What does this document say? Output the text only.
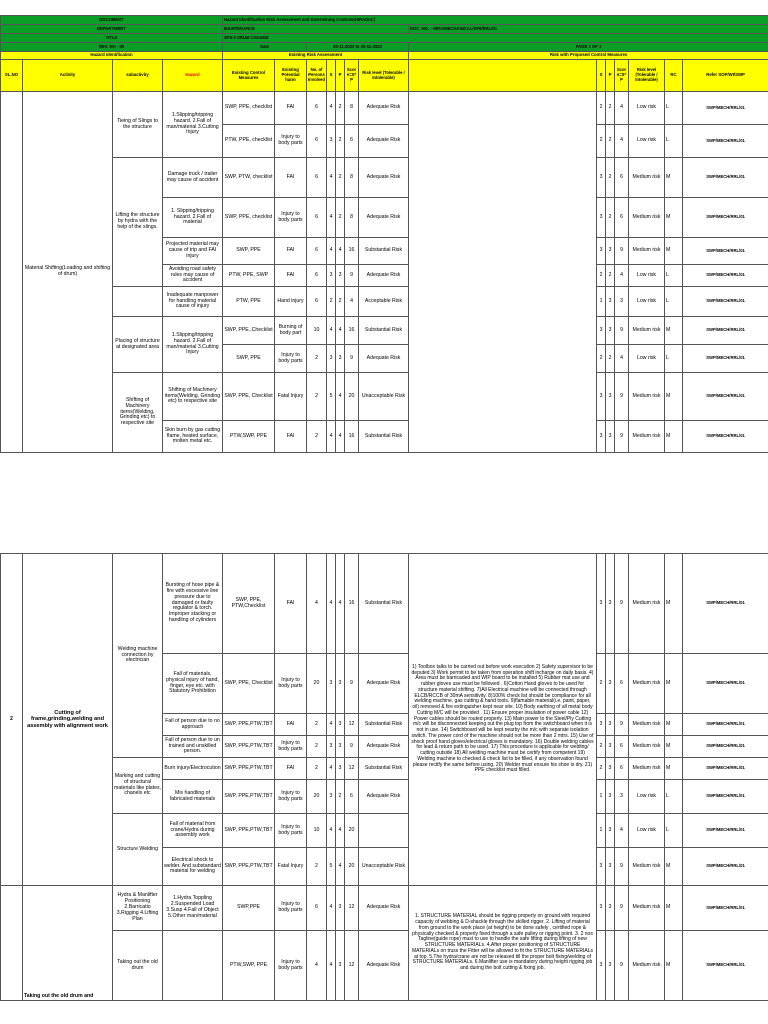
DOCUMENT				Hazard Identification Risk Assessment and Determining Controls(HIRADnC)													
DEPARTMENT				MAINTENANCE							DOC. NO. - HIRA/MECHANICAL/SP6/RRL/01						
TITLE				SP6-3 DRUM CHANGE													
REV. NO - 00				Date		20-11-2023 to 20-11-2023					PAGE 1 OF 1						
Hazard Identification				Existing Risk Assessment							Risk with Proposed Control Measures						
SL.NO	Activity	subactivity	Hazard	Existing Control Measures	Existing Potential harm	No. of Persons Involved	S	P	Score=S*P	Risk level (Tolerable / Intolerable)		S	P	Score=S*P	Risk level (Tolerable / Intolerable)	RC	Refer SOP/WI/SWP
	Material Shifting(Loading and shifting of drum)	Tieing of Slings to the structure	1.Slipping/tripping hazard. 2.Fall of man/material 3.Cutting Injury	SWP, PPE, checklist	FAI	6	4	2	8	Adequate Risk		2	2	4	Low risk	L	SWP/MECH/RRL/01
				PTW, PPE, checklist	Injury to body parts	6	3	2	6	Adequate Risk		2	2	4	Low risk	L	SWP/MECH/RRL/01
		Lifting the structure by hydra with the help of the slings.	Damage truck / trailer may cause of accident	SWP, PTW, checklist	FAI	6	4	2	8	Adequate Risk		3	2	6	Medium risk	M	SWP/MECH/RRL/01
			1. Slipping/tripping hazard. 2.Fall of material	SWP, PPE, checklist	Injury to body parts	6	4	2	8	Adequate Risk		3	2	6	Medium risk	M	SWP/MECH/RRL/01
			Projected material may cause of trip and FAI injury	SWP, PPE	FAI	6	4	4	16	Substantial Risk		3	3	9	Medium risk	M	SWP/MECH/RRL/01
			Avoiding road safety rules may cause of accident	PTW, PPE, SWP	FAI	6	3	3	9	Adequate Risk		2	2	4	Low risk	L	SWP/MECH/RRL/01
			Inadequate manpower for handling material cause of injury	PTW, PPE	Hand injury	6	2	2	4	Acceptable Risk		1	3	3	Low risk	L	SWP/MECH/RRL/01
		Placing of structure at designated area	1.Slipping/tripping hazard. 2.Fall of man/material 3.Cutting Injury	SWP, PPE.,Checklist	Burning of body part	10	4	4	16	Substantial Risk		3	3	9	Medium risk	M	SWP/MECH/RRL/01
				SWP, PPE	Injury to body parts	2	3	3	9	Adequate Risk		2	2	4	Low risk	L	SWP/MECH/RRL/01
		Shifting of Machinery items(Welding, Grinding etc) to respective site	Shifting of Machinery items(Welding, Grinding etc) to respective site	SWP, PPE, Checklist	Fatal Injury	2	5	4	20	Unacceptable Risk		3	3	9	Medium risk	M	SWP/MECH/RRL/01
			Skin burn by gas cutting flame, heated surface, molten metal etc.	PTW,SWP, PPE	FAI	2	4	4	16	Substantial Risk		3	3	9	Medium risk	M	SWP/MECH/RRL/01
2	Cutting of frame,grinding,welding and assembly with alignment work	Welding machine connection by electrician	Bursting of hose pipe & fire with excessive line pressure due to damaged or faulty regulator & torch. Improper stacking or handling of cylinders	SWP, PPE, PTW,Checklist	FAI	4	4	4	16	Substantial Risk	1) Toolbox talks to be carried out before work execution 2) Safety supervisor to be deputed 3) Work permit to be taken from operation shift incharge on daily basis. 4) Area must be barricaded and WIP board to be installed 5) Rubber mat use and rubber gloves use must be followed . 6)Cotton Hand gloves to be used for structure material shifting. 7)All Electrical machine will be connected through ELCB/RCCB of 30mA sensitivity. 8)100% check list should be compliance for all welding machine, gas cutting & hand tools. 9)flamable material(i.e. paint, paper, oil) removed & fire extinguisher kept near site. 10) Body earthing of all metal body Cutting M/C will be provided . 11) Ensure proper insulation of power cable 12) Power cables should be routed properly. 13) Main power to the Steel/Ply Cutting m/c will be disconnected keeping out the plug top from the switchboard when it is not in use. 14) Switchboard will be kept nearby the m/c with separate isolation switch. The power cord of the machine should not be more than 2 mtrs. 15) Use of shock proof hand gloves/electrical gloves is mandatory. 16) Double welding cables for lead & return path to be used. 17) This procedure is applicable for welding/ cutting outside 18) All welding machine must be certify from competent 19) Welding machine to checked & check list to be filled, if any observation found please rectify the same before using. 20) Welder must ensure his shoe is dry. 21) PPE checklist must filled.	3	3	9	Medium risk	M	SWP/MECH/RRL/01
			Fall of materials, physical injury of hand, finger, eye etc. with Statutory Prohibition	SWP, PPE, Checklist	Injury to body parts	20	3	3	9	Adequate Risk		2	3	6	Medium risk	M	SWP/MECH/RRL/01
			Fall of person due to no approach	SWP, PPE,PTW,TBT	FAI	2	4	3	12	Substantial Risk		3	3	9	Medium risk	M	SWP/MECH/RRL/01
			Fall of person due to un trained and unskilled person.	SWP, PPE,PTW,TBT	Injury to body parts	2	3	3	9	Adequate Risk		2	3	6	Medium risk	M	SWP/MECH/RRL/01
		Marking and cutting of structural materials like plates, chanels etc	Burn injury/Electrocution	SWP, PPE,PTW,TBT	FAI	2	4	3	12	Substantial Risk		2	3	6	Medium risk	M	SWP/MECH/RRL/01
			Mis handling of fabricated materials	SWP, PPE,PTW,TBT	Injury to body parts	20	3	2	6	Adequate Risk		1	3	3	Low risk	L	SWP/MECH/RRL/01
		Structure Welding	Fall of material from crane/Hydra during assembly work	SWP, PPE,PTW,TBT	Injury to body parts	10	4	4	20			1	3	4	Low risk	L	SWP/MECH/RRL/01
			Electrical shock to welder. And substandard material for welding	SWP, PPE,PTW,TBT	Fatal Injury	2	5	4	20	Unacceptable Risk		3	3	9	Medium risk	M	SWP/MECH/RRL/01
	Taking out the old drum and	Hydra & Manlifter Positioning 2.Barricatio 3.Rigging 4.Lifting Plan	1.Hydra Toppling 2.Suspended Load 3.Susp 4.Fall of Object 5.Other man/material	SWP,PPE	Injury to body parts	6	4	3	12	Adequate Risk	1. STRUCTURE MATERIAL should be rigging properly on ground with required capacity of webbing & D-shackle through the skilled rigger. 2. Lifting of material from ground to the work place (at height) to be done safely , certified rope & physically checked & properly fixed through a safe pulley or rigging point. 3. 2 nos Tagline(guide rope) must to use to handle the safe lifting during lifting of new STRUCTURE MATERIALs. 4.After proper positioning of STRUCTURE MATERIALs on truss the Fitter will be allowed to fit the STRUCTURE MATERIALs at top. 5.The hydra/crane are not be released till the proper bolt fixing/welding of STRUCTURE MATERIALs. 6.Manlifter use is mandatory during height rigging job and during the bolt cutting & fixing job.	3	3	9	Medium risk	M	SWP/MECH/RRL/01
		Taking out the old drum		PTW,SWP, PPE	Injury to body parts	4	4	3	12	Adequate Risk		3	3	9	Medium risk	M	SWP/MECH/RRL/01
